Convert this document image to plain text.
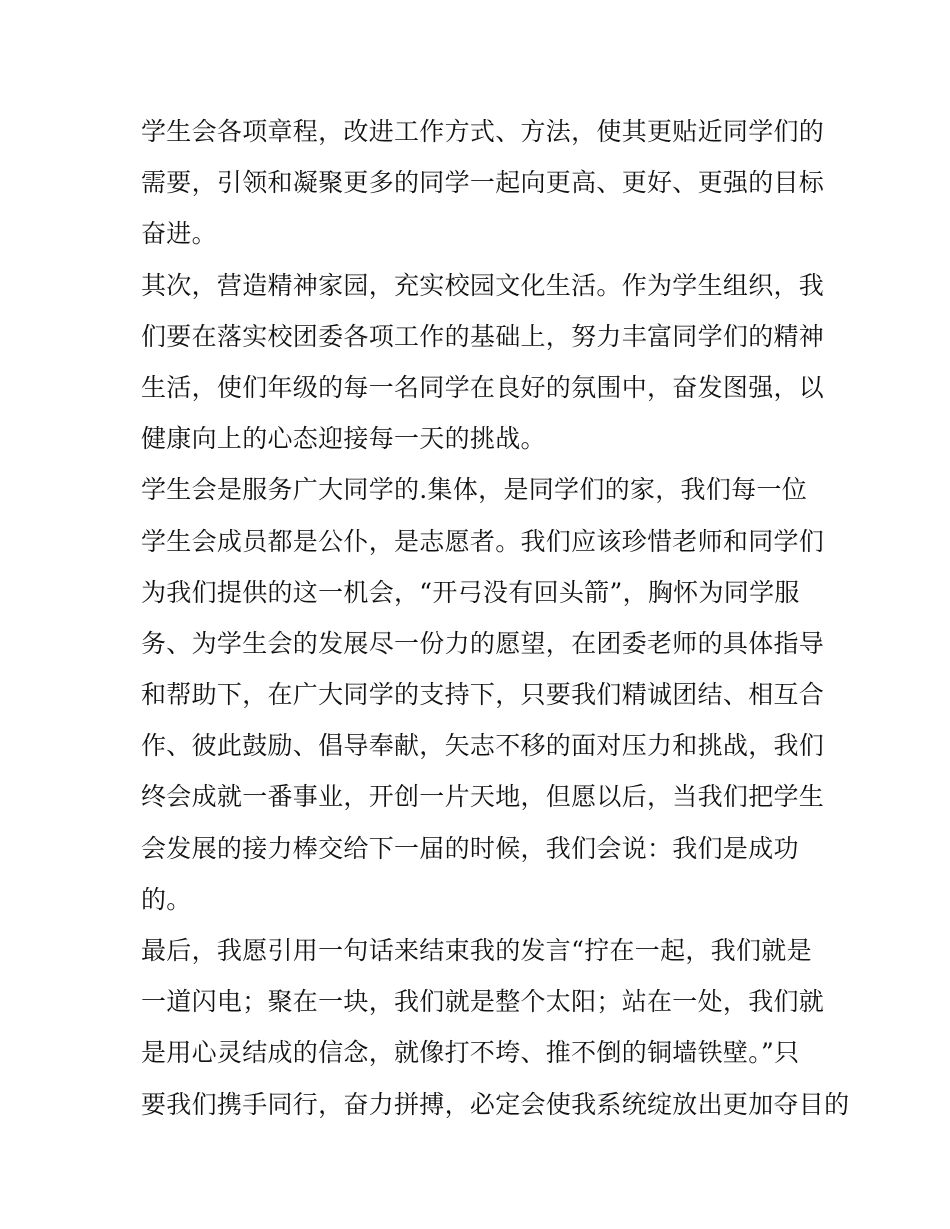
学生会各项章程，改进工作方式、方法，使其更贴近同学们的
需要，引领和凝聚更多的同学一起向更高、更好、更强的目标
奋进。
其次，营造精神家园，充实校园文化生活。作为学生组织，我
们要在落实校团委各项工作的基础上，努力丰富同学们的精神
生活，使们年级的每一名同学在良好的氛围中，奋发图强，以
健康向上的心态迎接每一天的挑战。
学生会是服务广大同学的.集体，是同学们的家，我们每一位
学生会成员都是公仆，是志愿者。我们应该珍惜老师和同学们
为我们提供的这一机会，“开弓没有回头箭”，胸怀为同学服
务、为学生会的发展尽一份力的愿望，在团委老师的具体指导
和帮助下，在广大同学的支持下，只要我们精诚团结、相互合
作、彼此鼓励、倡导奉献，矢志不移的面对压力和挑战，我们
终会成就一番事业，开创一片天地，但愿以后，当我们把学生
会发展的接力棒交给下一届的时候，我们会说：我们是成功
的。
最后，我愿引用一句话来结束我的发言“拧在一起，我们就是
一道闪电；聚在一块，我们就是整个太阳；站在一处，我们就
是用心灵结成的信念，就像打不垮、推不倒的铜墙铁壁。”只
要我们携手同行，奋力拼搏，必定会使我系统绽放出更加夺目的
